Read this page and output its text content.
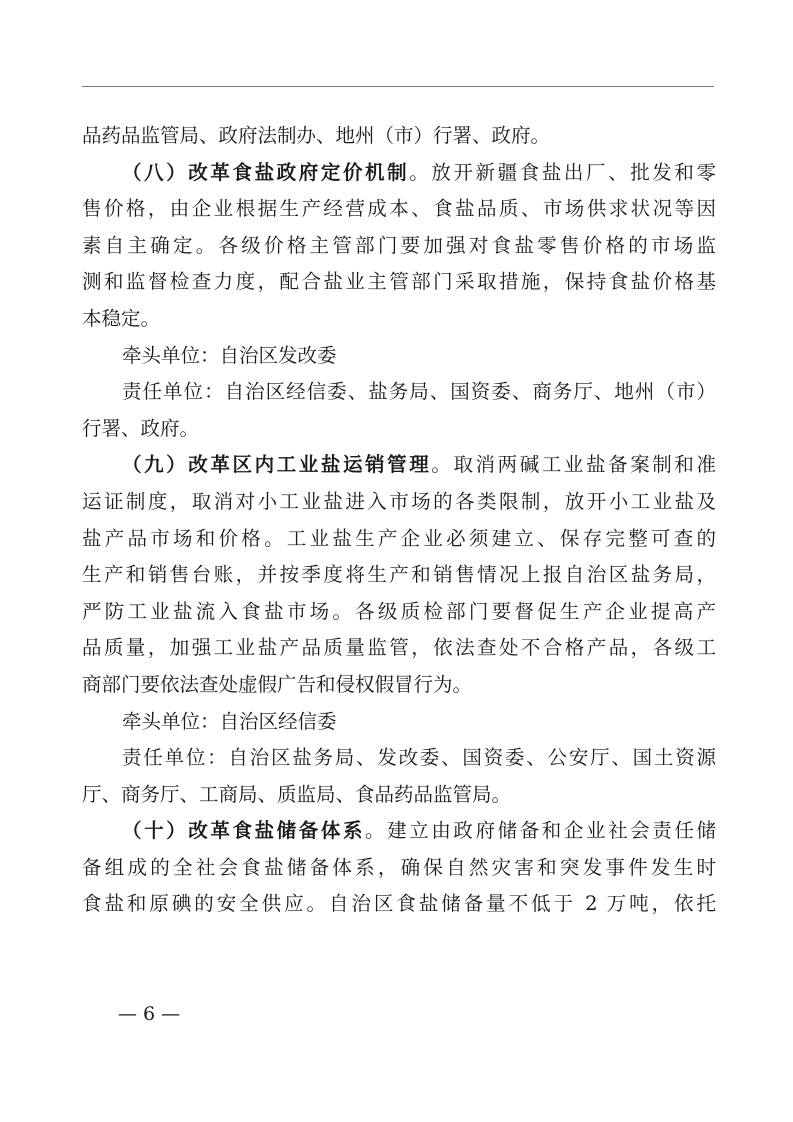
品药品监管局、政府法制办、地州（市）行署、政府。
（八）改革食盐政府定价机制。放开新疆食盐出厂、批发和零
售价格，由企业根据生产经营成本、食盐品质、市场供求状况等因
素自主确定。各级价格主管部门要加强对食盐零售价格的市场监
测和监督检查力度，配合盐业主管部门采取措施，保持食盐价格基
本稳定。
牵头单位：自治区发改委
责任单位：自治区经信委、盐务局、国资委、商务厅、地州（市）
行署、政府。
（九）改革区内工业盐运销管理。取消两碱工业盐备案制和准
运证制度，取消对小工业盐进入市场的各类限制，放开小工业盐及
盐产品市场和价格。工业盐生产企业必须建立、保存完整可查的
生产和销售台账，并按季度将生产和销售情况上报自治区盐务局，
严防工业盐流入食盐市场。各级质检部门要督促生产企业提高产
品质量，加强工业盐产品质量监管，依法查处不合格产品，各级工
商部门要依法查处虚假广告和侵权假冒行为。
牵头单位：自治区经信委
责任单位：自治区盐务局、发改委、国资委、公安厅、国土资源
厅、商务厅、工商局、质监局、食品药品监管局。
（十）改革食盐储备体系。建立由政府储备和企业社会责任储
备组成的全社会食盐储备体系，确保自然灾害和突发事件发生时
食盐和原碘的安全供应。自治区食盐储备量不低于 2 万吨，依托
— 6 —
